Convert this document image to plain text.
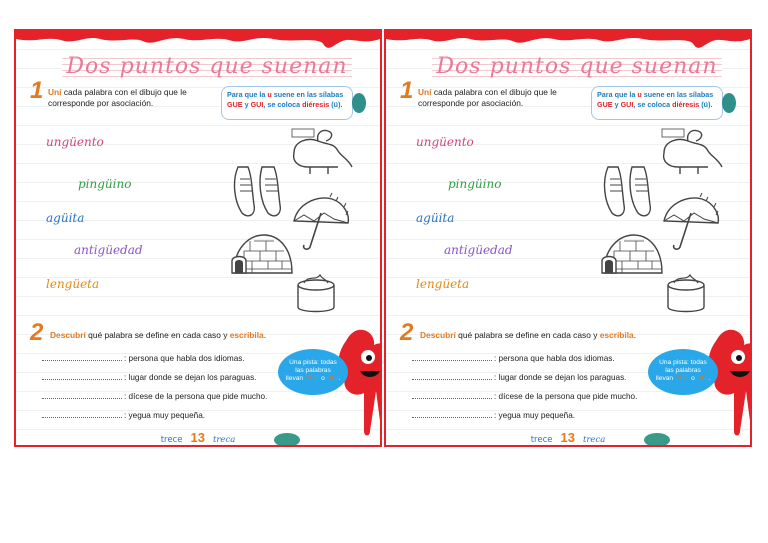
Dos puntos que suenan
1 Uní cada palabra con el dibujo que le corresponde por asociación.
Para que la u suene en las sílabas GUE y GUI, se coloca diéresis (ü).
ungüento
pingüino
agüita
antigüedad
lengüeta
2 Descubrí qué palabra se define en cada caso y escribila.
: persona que habla dos idiomas.
: lugar donde se dejan los paraguas.
: dícese de la persona que pide mucho.
: yegua muy pequeña.
Una pista: todas
las palabras
llevan GÜE o GÜI.
trece 13 treca
Dos puntos que suenan
1 Uní cada palabra con el dibujo que le corresponde por asociación.
Para que la u suene en las sílabas GUE y GUI, se coloca diéresis (ü).
ungüento
pingüino
agüita
antigüedad
lengüeta
2 Descubrí qué palabra se define en cada caso y escribila.
: persona que habla dos idiomas.
: lugar donde se dejan los paraguas.
: dícese de la persona que pide mucho.
: yegua muy pequeña.
Una pista: todas
las palabras
llevan GÜE o GÜI.
trece 13 treca
